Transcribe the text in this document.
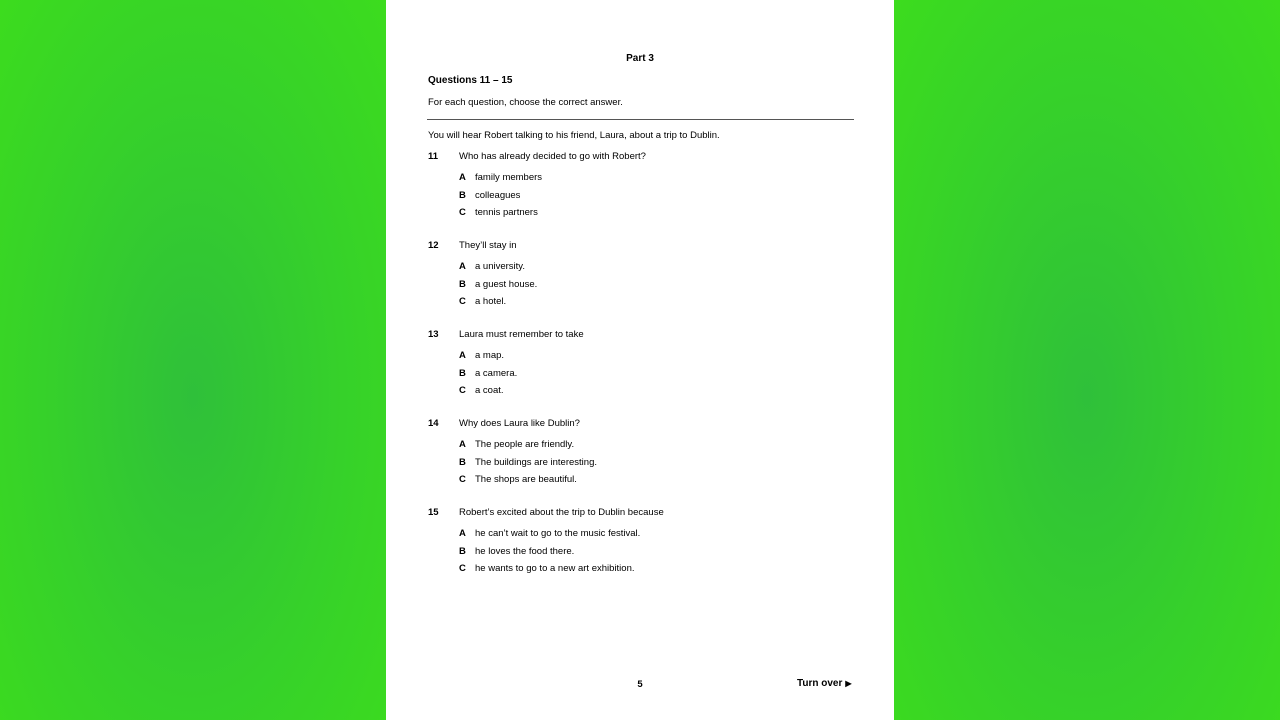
Part 3
Questions 11 – 15
For each question, choose the correct answer.
You will hear Robert talking to his friend, Laura, about a trip to Dublin.
11 Who has already decided to go with Robert?
A family members
B colleagues
C tennis partners
12 They’ll stay in
A a university.
B a guest house.
C a hotel.
13 Laura must remember to take
A a map.
B a camera.
C a coat.
14 Why does Laura like Dublin?
A The people are friendly.
B The buildings are interesting.
C The shops are beautiful.
15 Robert’s excited about the trip to Dublin because
A he can’t wait to go to the music festival.
B he loves the food there.
C he wants to go to a new art exhibition.
5	Turn over ▶
